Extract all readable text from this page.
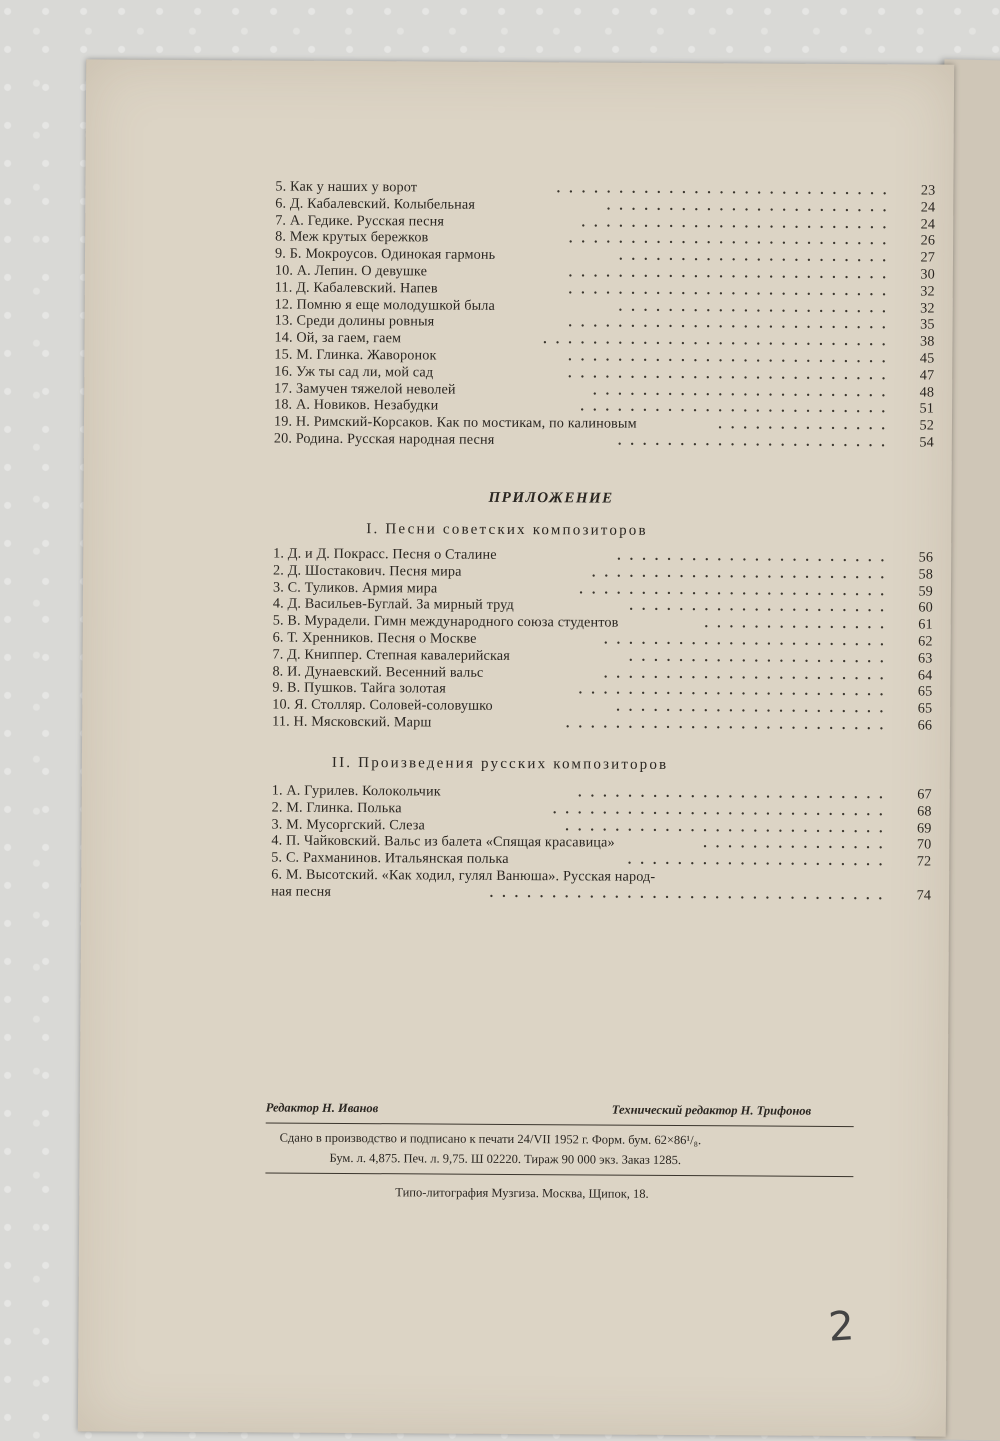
5. Как у наших у ворот	...........................	23
6. Д. Кабалевский. Колыбельная	.......................	24
7. А. Гедике. Русская песня	.........................	24
8. Меж крутых бережков	..........................	26
9. Б. Мокроусов. Одинокая гармонь	......................	27
10. А. Лепин. О девушке	..........................	30
11. Д. Кабалевский. Напев	..........................	32
12. Помню я еще молодушкой была	......................	32
13. Среди долины ровныя	..........................	35
14. Ой, за гаем, гаем	............................	38
15. М. Глинка. Жаворонок	..........................	45
16. Уж ты сад ли, мой сад	..........................	47
17. Замучен тяжелой неволей	........................	48
18. А. Новиков. Незабудки	.........................	51
19. Н. Римский-Корсаков. Как по мостикам, по калиновым	..............	52
20. Родина. Русская народная песня	......................	54
ПРИЛОЖЕНИЕ
I. Песни советских композиторов
1. Д. и Д. Покрасс. Песня о Сталине	......................	56
2. Д. Шостакович. Песня мира	........................	58
3. С. Туликов. Армия мира	.........................	59
4. Д. Васильев-Буглай. За мирный труд	.....................	60
5. В. Мурадели. Гимн международного союза студентов	...............	61
6. Т. Хренников. Песня о Москве	.......................	62
7. Д. Книппер. Степная кавалерийская	.....................	63
8. И. Дунаевский. Весенний вальс	.......................	64
9. В. Пушков. Тайга золотая	.........................	65
10. Я. Столляр. Соловей-соловушко	......................	65
11. Н. Мясковский. Марш	..........................	66
II. Произведения русских композиторов
1. А. Гурилев. Колокольчик	.........................	67
2. М. Глинка. Полька	...........................	68
3. М. Мусоргский. Слеза	..........................	69
4. П. Чайковский. Вальс из балета «Спящая красавица»	...............	70
5. С. Рахманинов. Итальянская полька	.....................	72
6. М. Высотский. «Как ходил, гулял Ванюша». Русская народ-
ная песня	................................	74
Редактор Н. Иванов	Технический редактор Н. Трифонов
Сдано в производство и подписано к печати 24/VII 1952 г. Форм. бум. 62×86¹/₈.
Бум. л. 4,875. Печ. л. 9,75. Ш 02220. Тираж 90 000 экз. Заказ 1285.
Типо-литография Музгиза. Москва, Щипок, 18.
2
